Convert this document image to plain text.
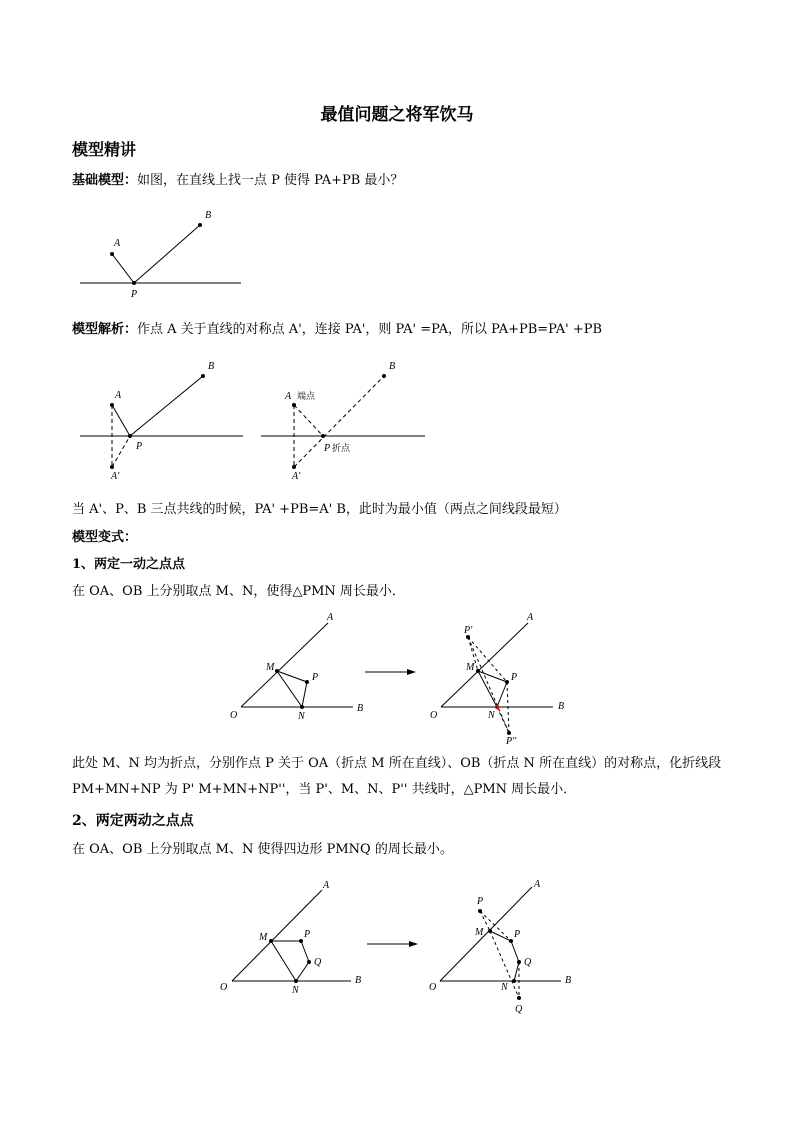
最值问题之将军饮马
模型精讲
基础模型：如图，在直线上找一点 P 使得 PA+PB 最小？
A
B
P
模型解析：作点 A 关于直线的对称点 A'，连接 PA'，则 PA' =PA，所以 PA+PB=PA' +PB
A
B
P
A'
A 端点
B
P 折点
A'
当 A'、P、B 三点共线的时候，PA' +PB=A' B，此时为最小值（两点之间线段最短）
模型变式：
1、两定一动之点点
在 OA、OB 上分别取点 M、N，使得△PMN 周长最小．
O
A
B
M
P
N	O
A
B
P'
M
P
N
P''
此处 M、N 均为折点，分别作点 P 关于 OA（折点 M 所在直线）、OB（折点 N 所在直线）的对称点，化折线段
PM+MN+NP 为 P' M+MN+NP''，当 P'、M、N、P'' 共线时，△PMN 周长最小．
2、两定两动之点点
在 OA、OB 上分别取点 M、N 使得四边形 PMNQ 的周长最小。
O
A
B
M	P
Q
N	O
A
B
P
M	P
Q
N
Q
